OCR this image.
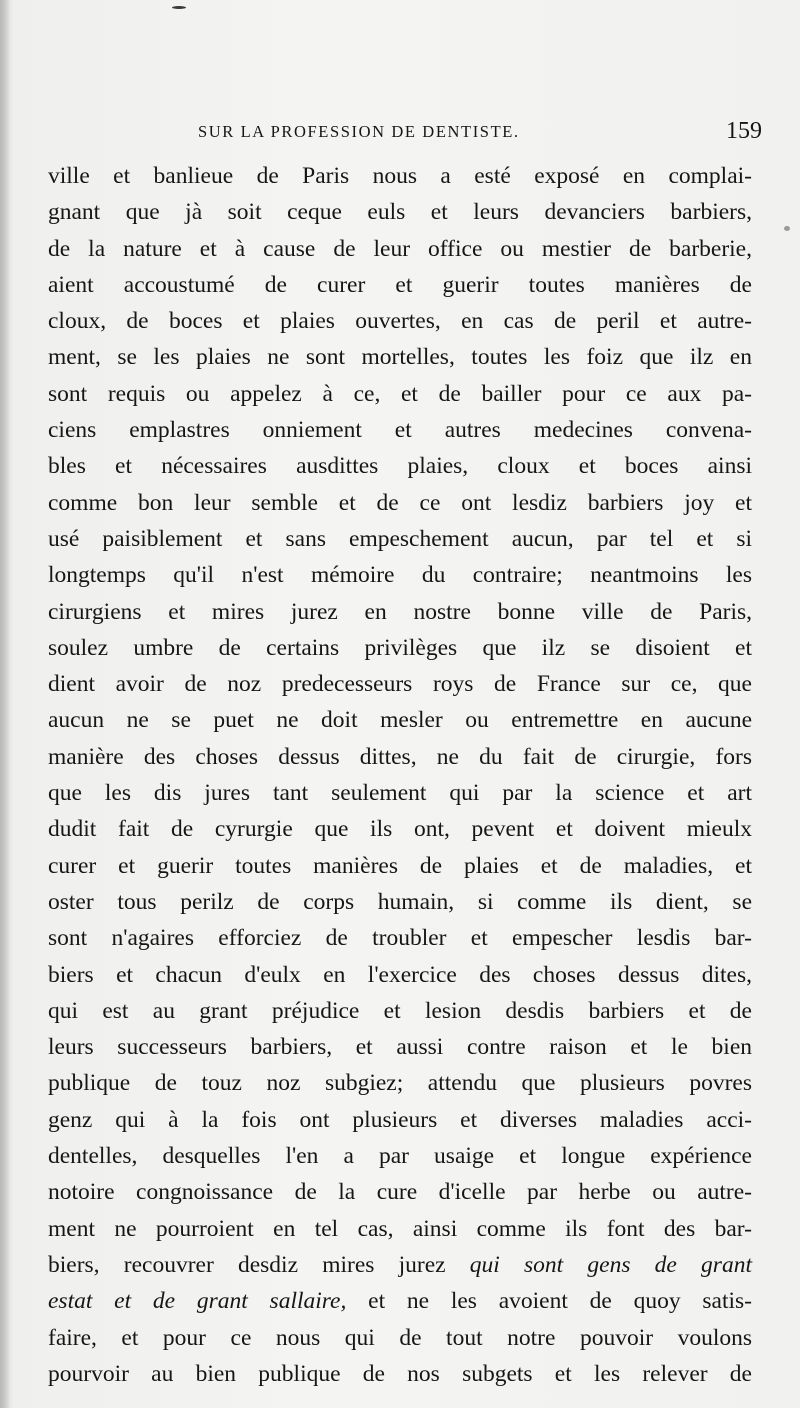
SUR LA PROFESSION DE DENTISTE.	159
ville et banlieue de Paris nous a esté exposé en complai-
gnant que jà soit ceque euls et leurs devanciers barbiers,
de la nature et à cause de leur office ou mestier de barberie,
aient accoustumé de curer et guerir toutes manières de
cloux, de boces et plaies ouvertes, en cas de peril et autre-
ment, se les plaies ne sont mortelles, toutes les foiz que ilz en
sont requis ou appelez à ce, et de bailler pour ce aux pa-
ciens emplastres onniement et autres medecines convena-
bles et nécessaires ausdittes plaies, cloux et boces ainsi
comme bon leur semble et de ce ont lesdiz barbiers joy et
usé paisiblement et sans empeschement aucun, par tel et si
longtemps qu'il n'est mémoire du contraire; neantmoins les
cirurgiens et mires jurez en nostre bonne ville de Paris,
soulez umbre de certains privilèges que ilz se disoient et
dient avoir de noz predecesseurs roys de France sur ce, que
aucun ne se puet ne doit mesler ou entremettre en aucune
manière des choses dessus dittes, ne du fait de cirurgie, fors
que les dis jures tant seulement qui par la science et art
dudit fait de cyrurgie que ils ont, pevent et doivent mieulx
curer et guerir toutes manières de plaies et de maladies, et
oster tous perilz de corps humain, si comme ils dient, se
sont n'agaires efforciez de troubler et empescher lesdis bar-
biers et chacun d'eulx en l'exercice des choses dessus dites,
qui est au grant préjudice et lesion desdis barbiers et de
leurs successeurs barbiers, et aussi contre raison et le bien
publique de touz noz subgiez; attendu que plusieurs povres
genz qui à la fois ont plusieurs et diverses maladies acci-
dentelles, desquelles l'en a par usaige et longue expérience
notoire congnoissance de la cure d'icelle par herbe ou autre-
ment ne pourroient en tel cas, ainsi comme ils font des bar-
biers, recouvrer desdiz mires jurez qui sont gens de grant
estat et de grant sallaire, et ne les avoient de quoy satis-
faire, et pour ce nous qui de tout notre pouvoir voulons
pourvoir au bien publique de nos subgets et les relever de
